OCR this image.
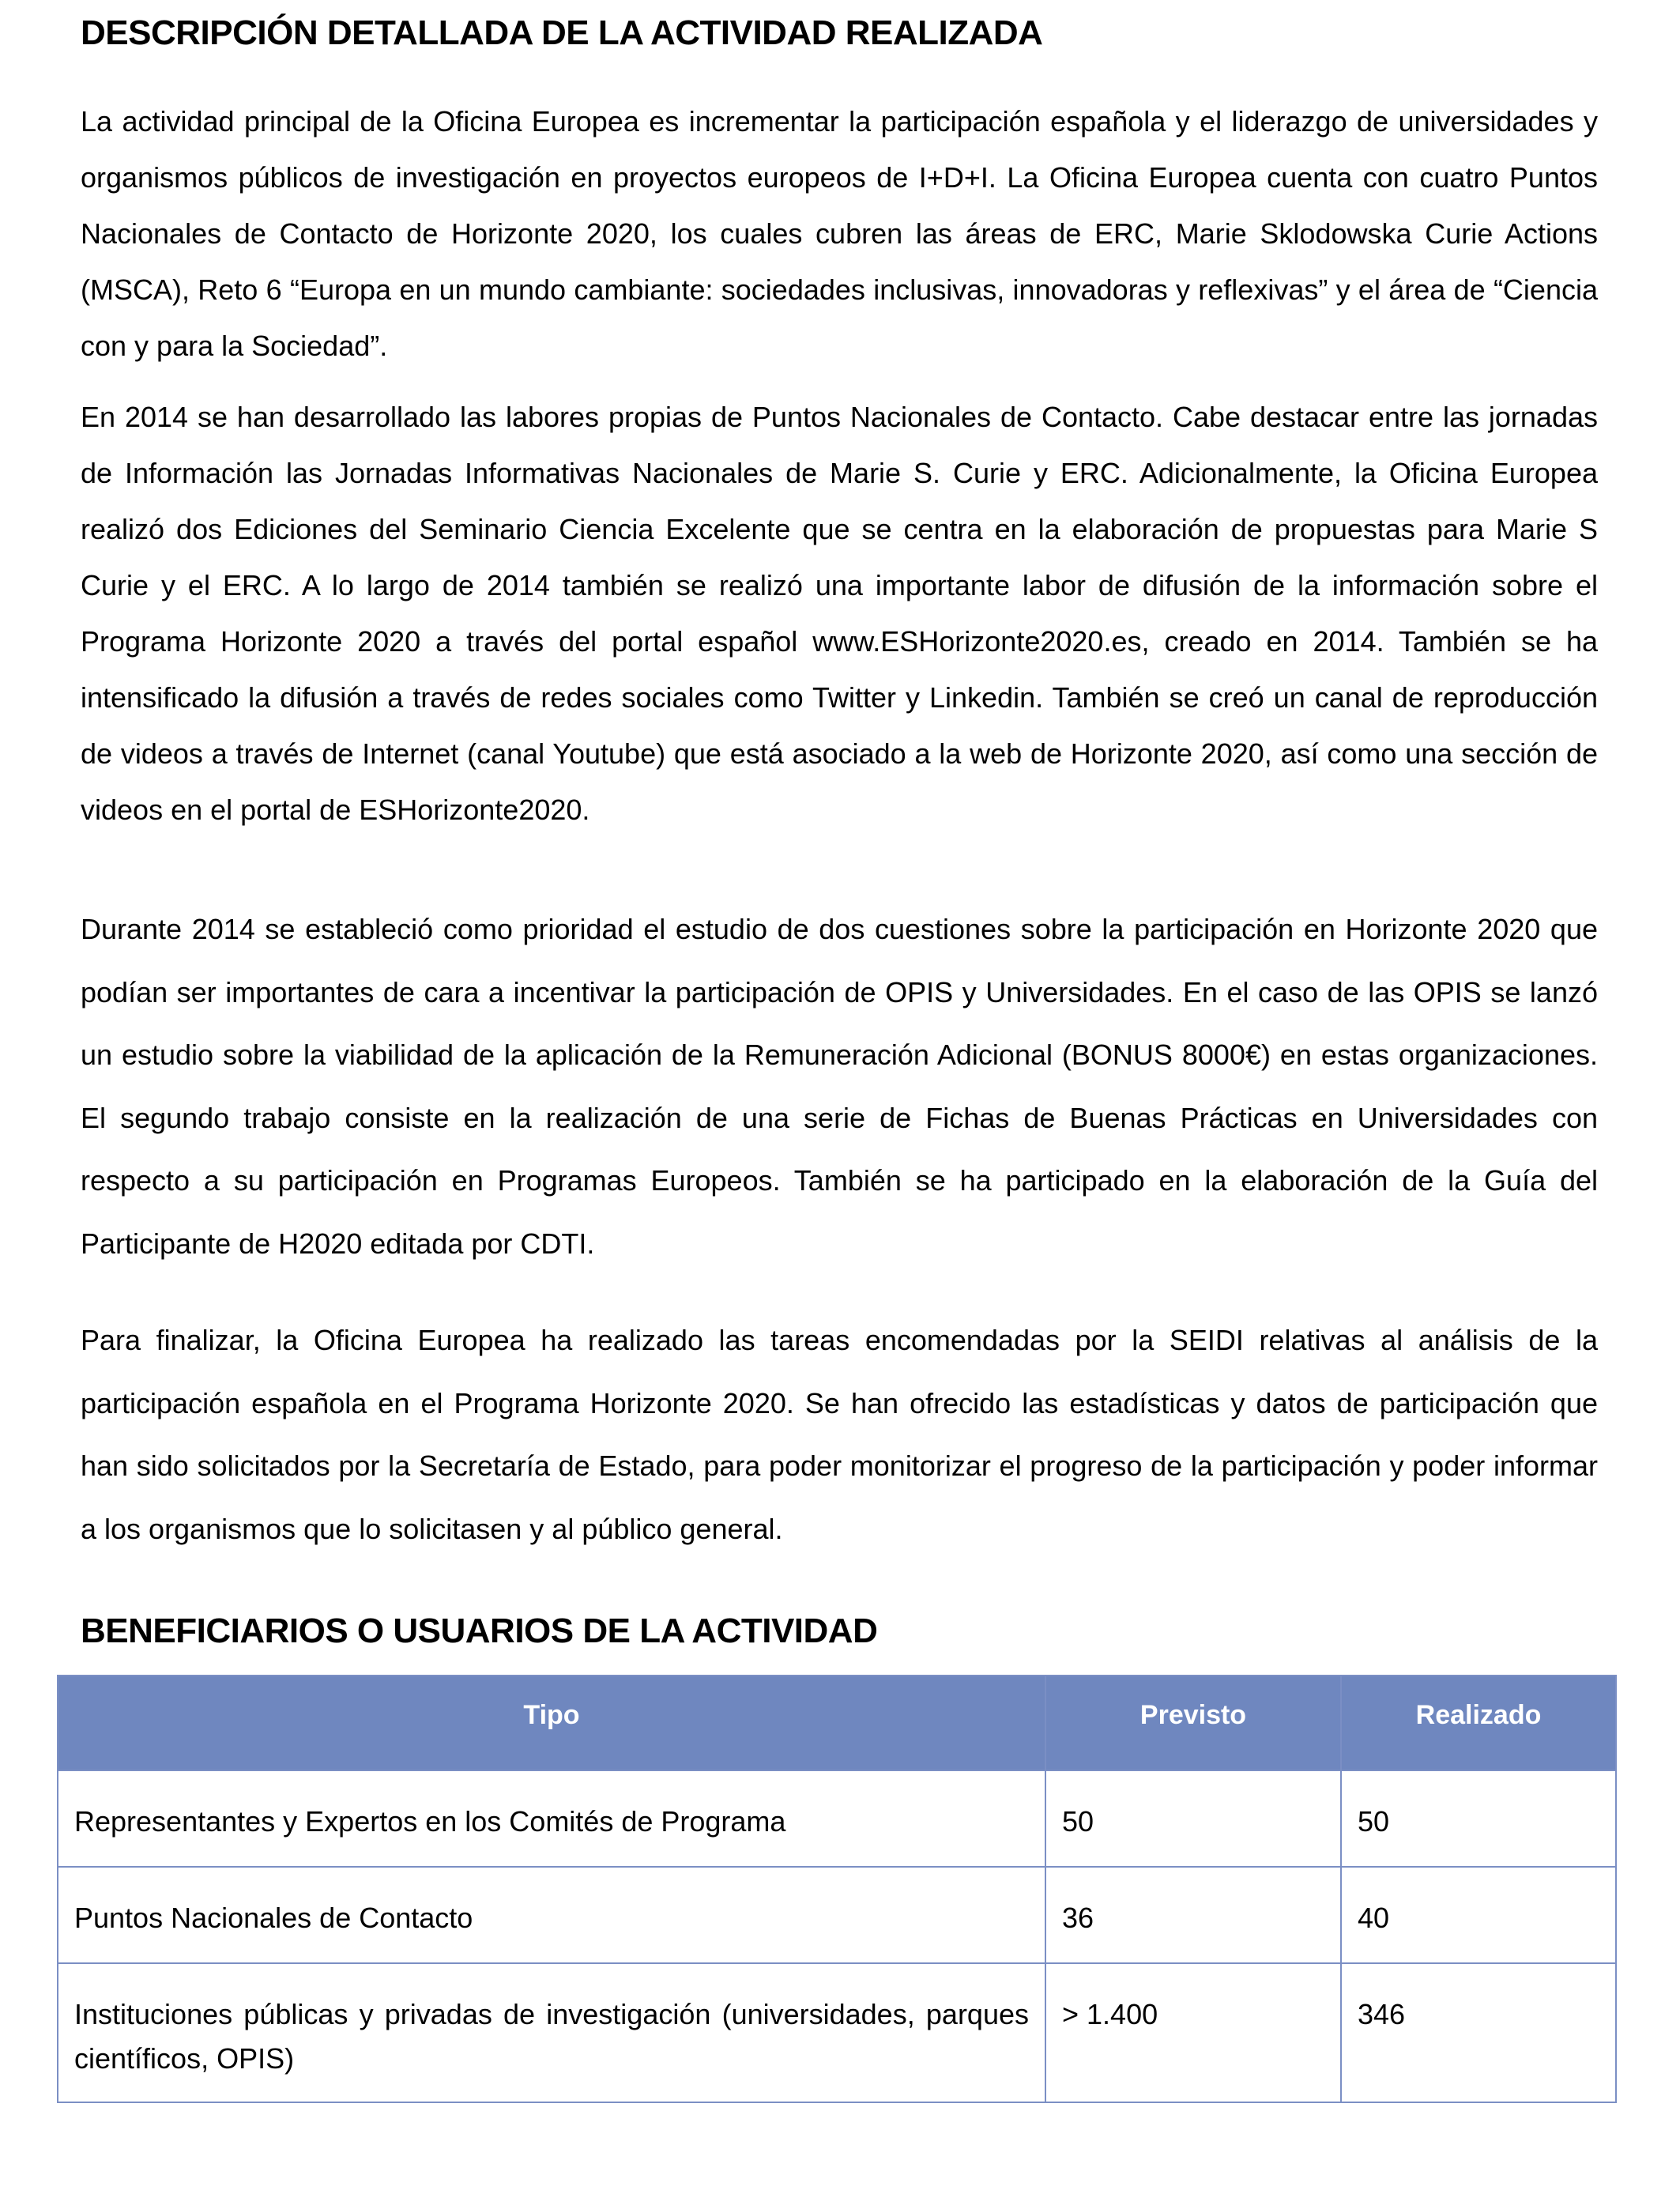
DESCRIPCIÓN DETALLADA DE LA ACTIVIDAD REALIZADA

La actividad principal de la Oficina Europea es incrementar la participación española y el liderazgo de universidades y organismos públicos de investigación en proyectos europeos de I+D+I. La Oficina Europea cuenta con cuatro Puntos Nacionales de Contacto de Horizonte 2020, los cuales cubren las áreas de ERC, Marie Sklodowska Curie Actions (MSCA), Reto 6 “Europa en un mundo cambiante: sociedades inclusivas, innovadoras y reflexivas” y el área de “Ciencia con y para la Sociedad”.

En 2014 se han desarrollado las labores propias de Puntos Nacionales de Contacto. Cabe destacar entre las jornadas de Información las Jornadas Informativas Nacionales de Marie S. Curie y ERC. Adicionalmente, la Oficina Europea realizó dos Ediciones del Seminario Ciencia Excelente que se centra en la elaboración de propuestas para Marie S Curie y el ERC. A lo largo de 2014 también se realizó una importante labor de difusión de la información sobre el Programa Horizonte 2020 a través del portal español www.ESHorizonte2020.es, creado en 2014. También se ha intensificado la difusión a través de redes sociales como Twitter y Linkedin. También se creó un canal de reproducción de videos a través de Internet (canal Youtube) que está asociado a la web de Horizonte 2020, así como una sección de videos en el portal de ESHorizonte2020.

Durante 2014 se estableció como prioridad el estudio de dos cuestiones sobre la participación en Horizonte 2020 que podían ser importantes de cara a incentivar la participación de OPIS y Universidades. En el caso de las OPIS se lanzó un estudio sobre la viabilidad de la aplicación de la Remuneración Adicional (BONUS 8000€) en estas organizaciones. El segundo trabajo consiste en la realización de una serie de Fichas de Buenas Prácticas en Universidades con respecto a su participación en Programas Europeos. También se ha participado en la elaboración de la Guía del Participante de H2020 editada por CDTI.

Para finalizar, la Oficina Europea ha realizado las tareas encomendadas por la SEIDI relativas al análisis de la participación española en el Programa Horizonte 2020. Se han ofrecido las estadísticas y datos de participación que han sido solicitados por la Secretaría de Estado, para poder monitorizar el progreso de la participación y poder informar a los organismos que lo solicitasen y al público general.

BENEFICIARIOS O USUARIOS DE LA ACTIVIDAD
Tipo	Previsto	Realizado
Representantes y Expertos en los Comités de Programa	50	50
Puntos Nacionales de Contacto	36	40
Instituciones públicas y privadas de investigación (universidades, parques científicos, OPIS)	> 1.400	346
